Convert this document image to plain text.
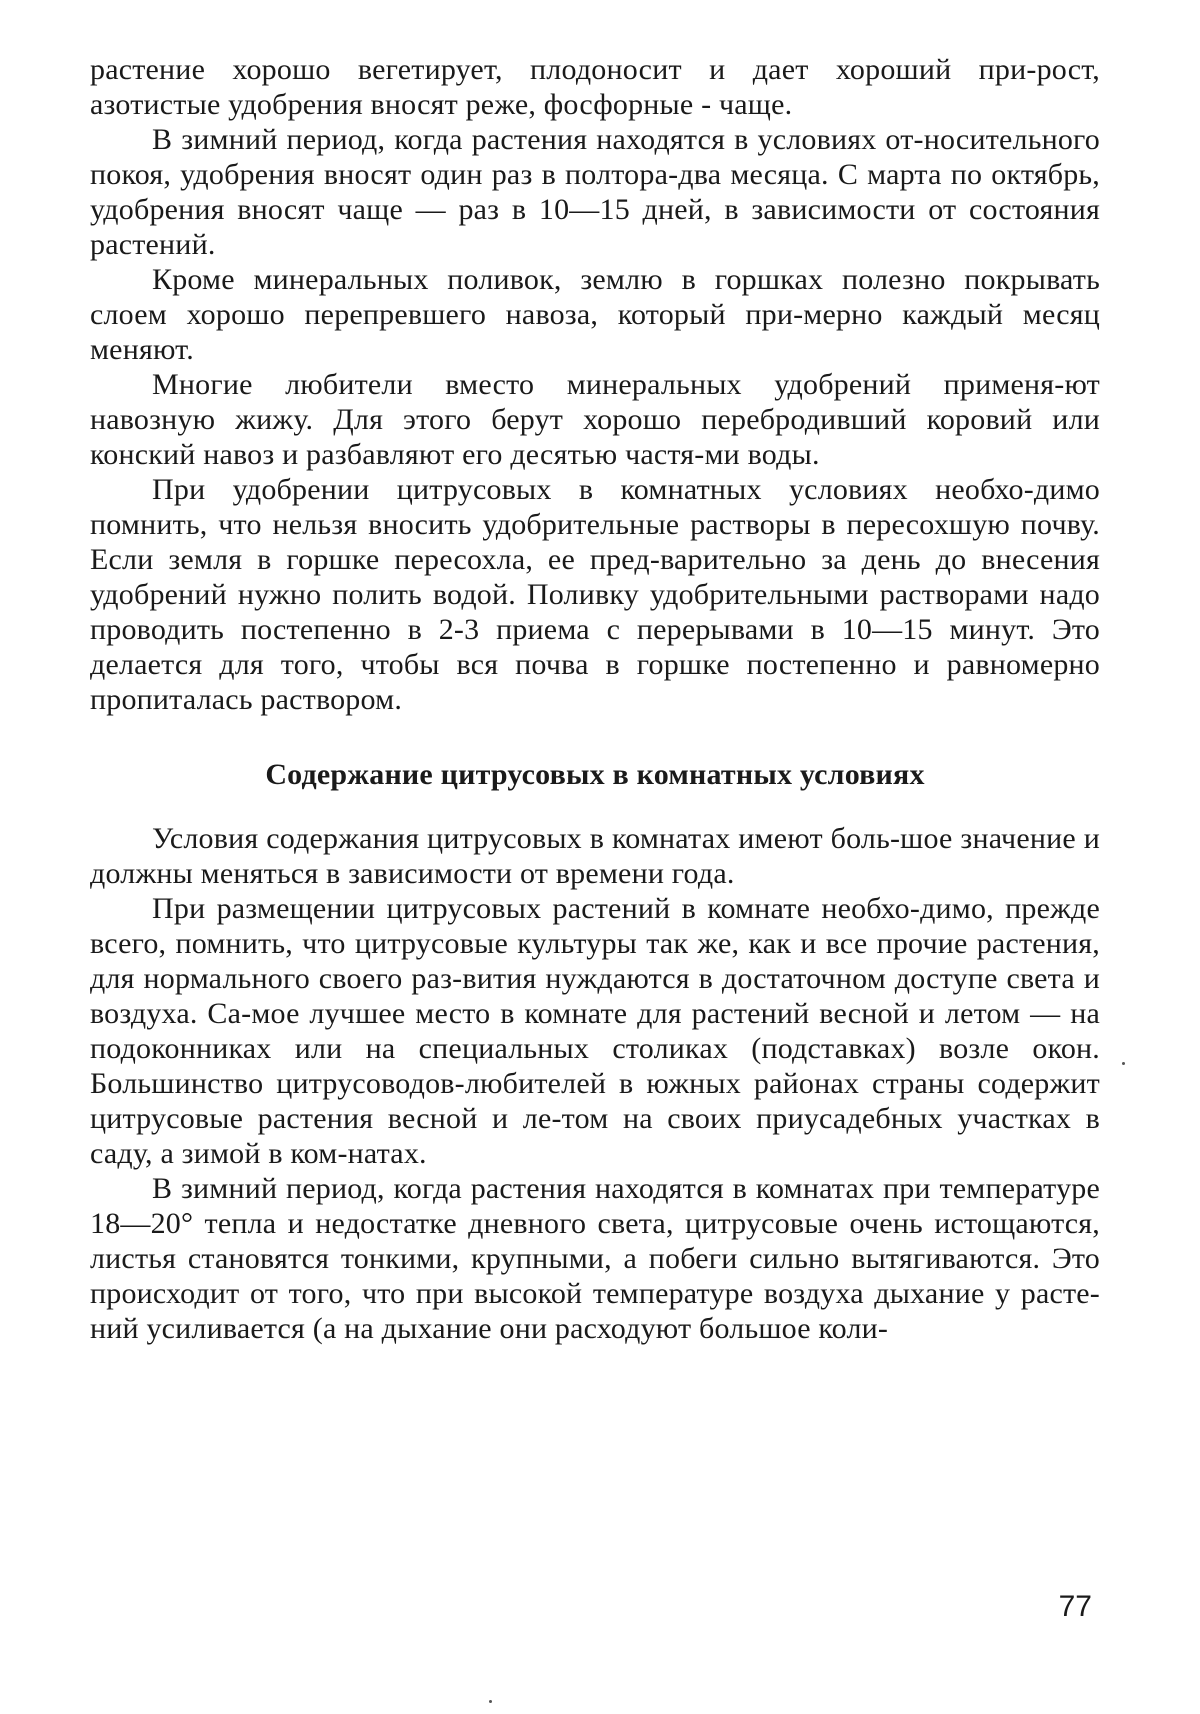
растение хорошо вегетирует, плодоносит и дает хороший при-рост, азотистые удобрения вносят реже, фосфорные - чаще.

В зимний период, когда растения находятся в условиях от-носительного покоя, удобрения вносят один раз в полтора-два месяца. С марта по октябрь, удобрения вносят чаще — раз в 10—15 дней, в зависимости от состояния растений.

Кроме минеральных поливок, землю в горшках полезно покрывать слоем хорошо перепревшего навоза, который при-мерно каждый месяц меняют.

Многие любители вместо минеральных удобрений применя-ют навозную жижу. Для этого берут хорошо перебродивший коровий или конский навоз и разбавляют его десятью частя-ми воды.

При удобрении цитрусовых в комнатных условиях необхо-димо помнить, что нельзя вносить удобрительные растворы в пересохшую почву. Если земля в горшке пересохла, ее пред-варительно за день до внесения удобрений нужно полить водой. Поливку удобрительными растворами надо проводить постепенно в 2-3 приема с перерывами в 10—15 минут. Это делается для того, чтобы вся почва в горшке постепенно и равномерно пропиталась раствором.

Содержание цитрусовых в комнатных условиях

Условия содержания цитрусовых в комнатах имеют боль-шое значение и должны меняться в зависимости от времени года.

При размещении цитрусовых растений в комнате необхо-димо, прежде всего, помнить, что цитрусовые культуры так же, как и все прочие растения, для нормального своего раз-вития нуждаются в достаточном доступе света и воздуха. Са-мое лучшее место в комнате для растений весной и летом — на подоконниках или на специальных столиках (подставках) возле окон. Большинство цитрусоводов-любителей в южных районах страны содержит цитрусовые растения весной и ле-том на своих приусадебных участках в саду, а зимой в ком-натах.

В зимний период, когда растения находятся в комнатах при температуре 18—20° тепла и недостатке дневного света, цитрусовые очень истощаются, листья становятся тонкими, крупными, а побеги сильно вытягиваются. Это происходит от того, что при высокой температуре воздуха дыхание у расте-ний усиливается (а на дыхание они расходуют большое коли-

77
